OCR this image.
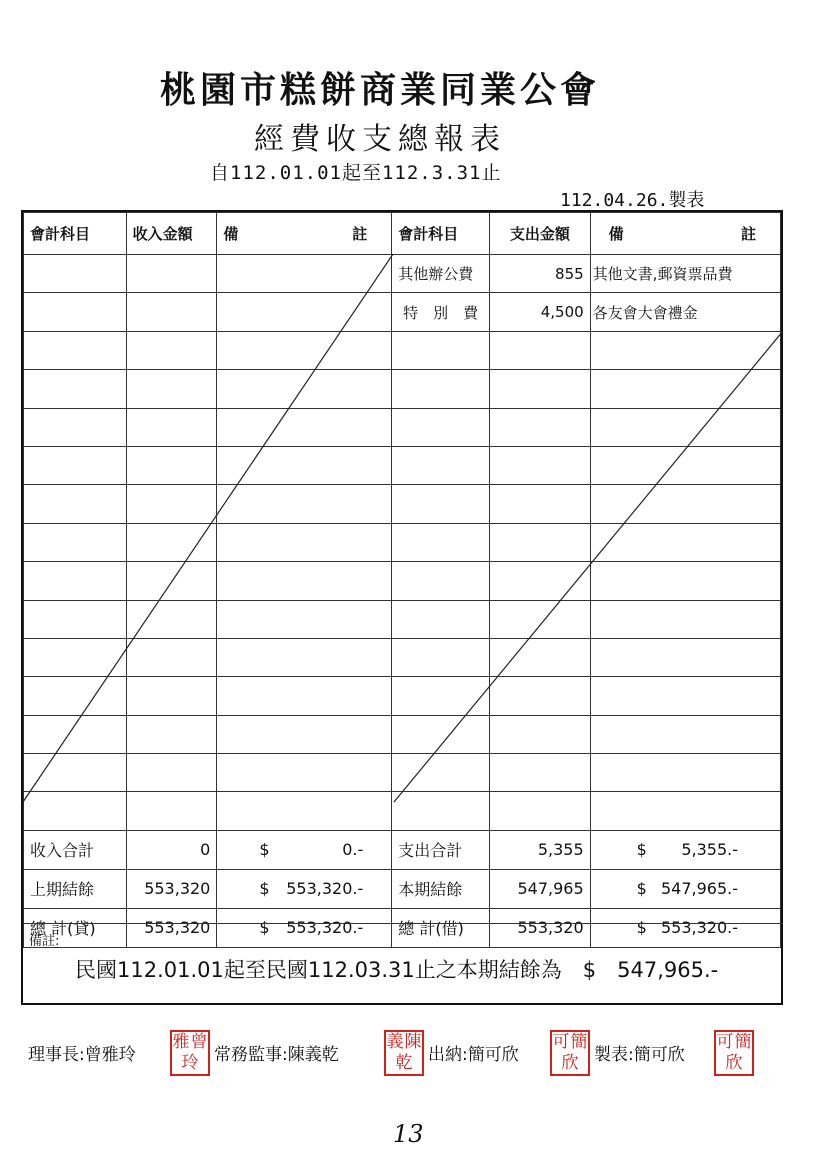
桃園市糕餅商業同業公會
經費收支總報表
自112.01.01起至112.3.31止
112.04.26.製表
會計科目	收入金額	備 註	會計科目	支出金額	備 註

			其他辦公費	855	其他文書,郵資票品費
			特　別　費	4,500	各友會大會禮金

收入合計	0	$ 0.-	支出合計	5,355	$ 5,355.-

上期結餘	553,320	$ 553,320.-	本期結餘	547,965	$ 547,965.-

總 計(貸)	553,320	$ 553,320.-	總 計(借)	553,320	$ 553,320.-
備註:
民國112.01.01起至民國112.03.31止之本期結餘為　$　547,965.-
理事長:曾雅玲
雅曾
玲 常務監事:陳義乾
義陳
乾 出納:簡可欣
可簡
欣 製表:簡可欣
可簡
欣
13
